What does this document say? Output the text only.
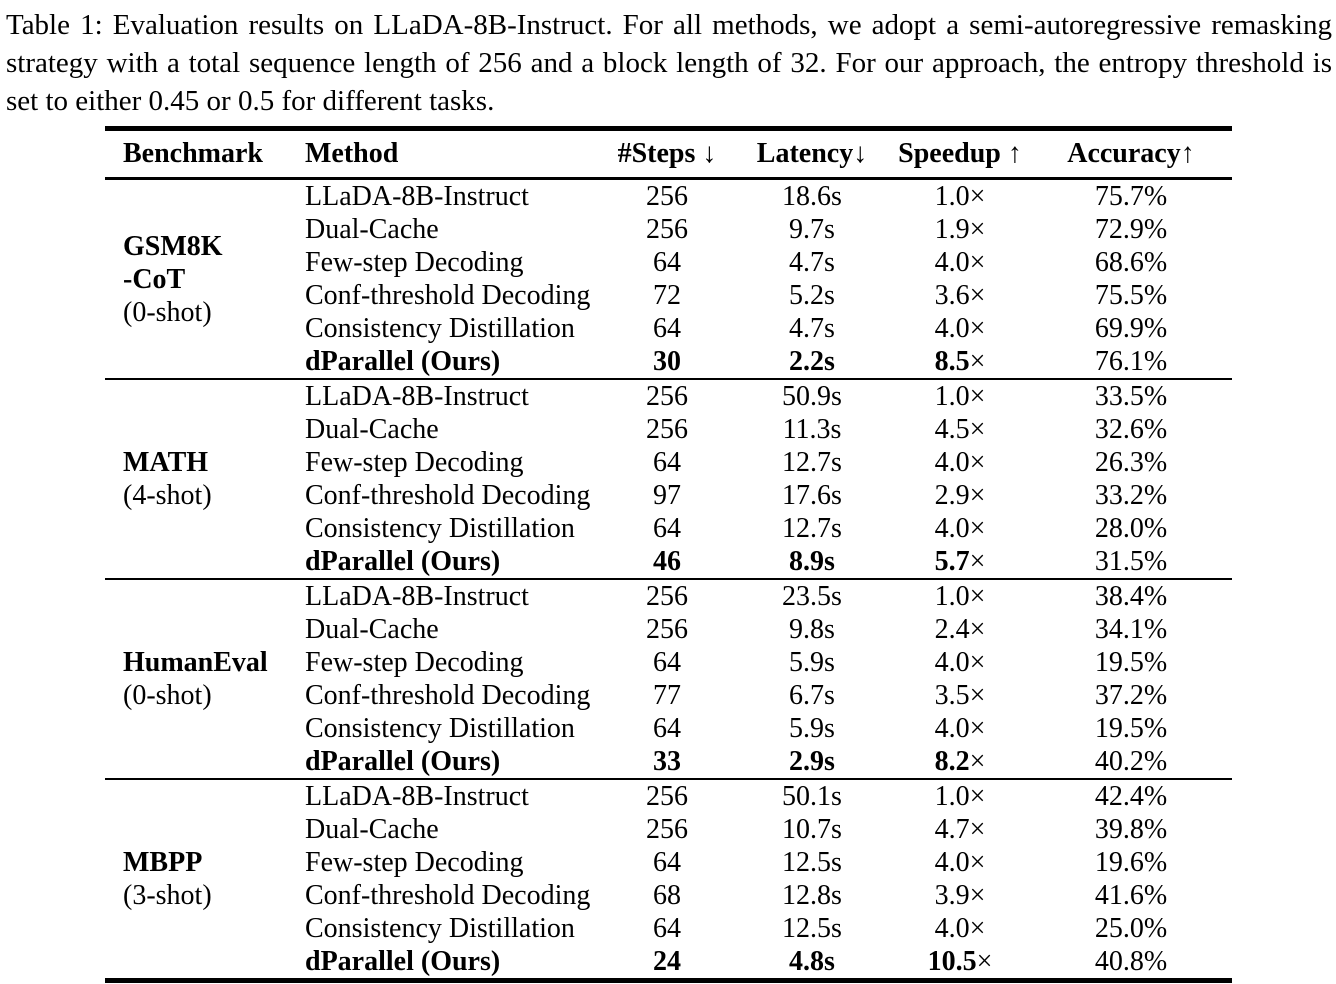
Table 1: Evaluation results on LLaDA-8B-Instruct. For all methods, we adopt a semi-autoregressive remasking strategy with a total sequence length of 256 and a block length of 32. For our approach, the entropy threshold is set to either 0.45 or 0.5 for different tasks.
Benchmark	Method	#Steps ↓	Latency↓	Speedup ↑	Accuracy↑

GSM8K
-CoT
(0-shot)	LLaDA-8B-Instruct	256	18.6s	1.0×	75.7%
	Dual-Cache	256	9.7s	1.9×	72.9%
	Few-step Decoding	64	4.7s	4.0×	68.6%
	Conf-threshold Decoding	72	5.2s	3.6×	75.5%
	Consistency Distillation	64	4.7s	4.0×	69.9%
	dParallel (Ours)	30	2.2s	8.5×	76.1%

MATH
(4-shot)	LLaDA-8B-Instruct	256	50.9s	1.0×	33.5%
	Dual-Cache	256	11.3s	4.5×	32.6%
	Few-step Decoding	64	12.7s	4.0×	26.3%
	Conf-threshold Decoding	97	17.6s	2.9×	33.2%
	Consistency Distillation	64	12.7s	4.0×	28.0%
	dParallel (Ours)	46	8.9s	5.7×	31.5%

HumanEval
(0-shot)	LLaDA-8B-Instruct	256	23.5s	1.0×	38.4%
	Dual-Cache	256	9.8s	2.4×	34.1%
	Few-step Decoding	64	5.9s	4.0×	19.5%
	Conf-threshold Decoding	77	6.7s	3.5×	37.2%
	Consistency Distillation	64	5.9s	4.0×	19.5%
	dParallel (Ours)	33	2.9s	8.2×	40.2%

MBPP
(3-shot)	LLaDA-8B-Instruct	256	50.1s	1.0×	42.4%
	Dual-Cache	256	10.7s	4.7×	39.8%
	Few-step Decoding	64	12.5s	4.0×	19.6%
	Conf-threshold Decoding	68	12.8s	3.9×	41.6%
	Consistency Distillation	64	12.5s	4.0×	25.0%
	dParallel (Ours)	24	4.8s	10.5×	40.8%
